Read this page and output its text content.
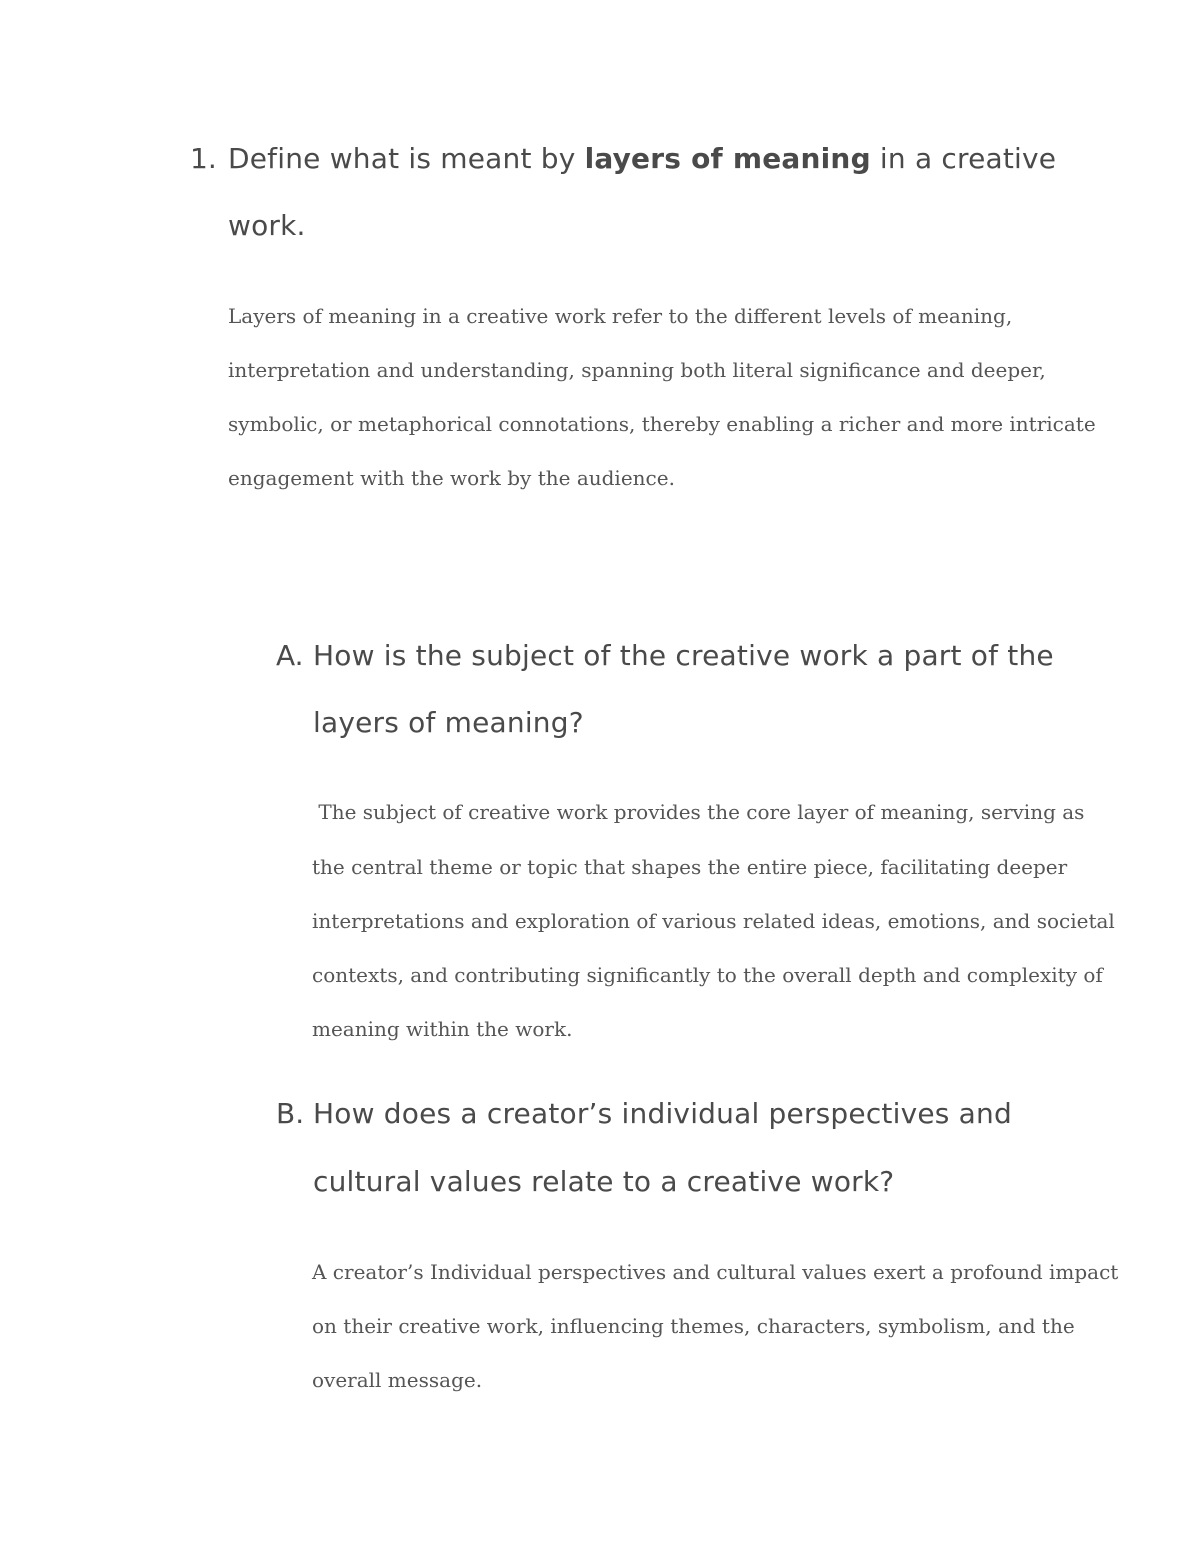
1. Define what is meant by layers of meaning in a creative

work.

Layers of meaning in a creative work refer to the different levels of meaning,

interpretation and understanding, spanning both literal significance and deeper,

symbolic, or metaphorical connotations, thereby enabling a richer and more intricate

engagement with the work by the audience.

A. How is the subject of the creative work a part of the

layers of meaning?

The subject of creative work provides the core layer of meaning, serving as

the central theme or topic that shapes the entire piece, facilitating deeper

interpretations and exploration of various related ideas, emotions, and societal

contexts, and contributing significantly to the overall depth and complexity of

meaning within the work.

B. How does a creator’s individual perspectives and

cultural values relate to a creative work?

A creator’s Individual perspectives and cultural values exert a profound impact

on their creative work, influencing themes, characters, symbolism, and the

overall message.
